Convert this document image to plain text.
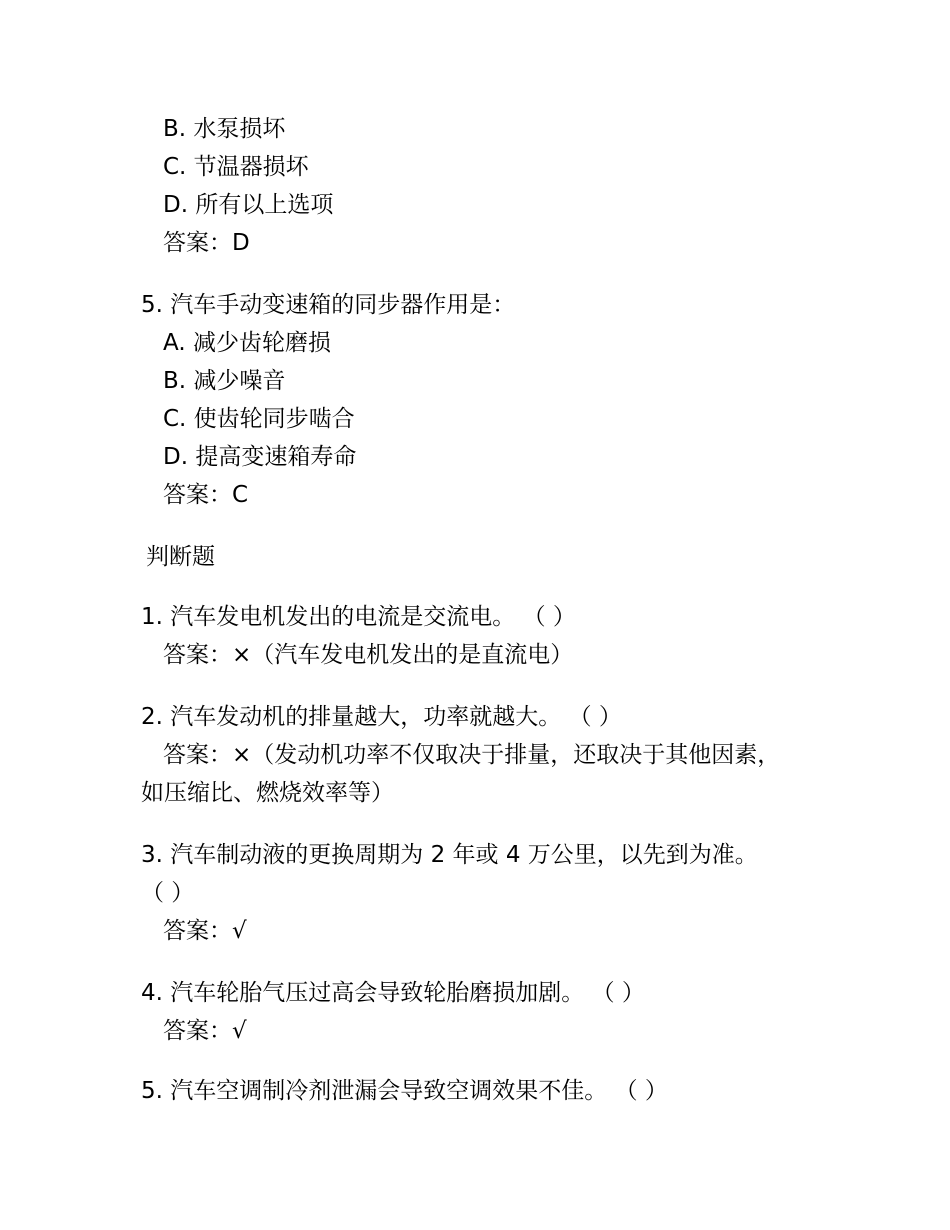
B. 水泵损坏
C. 节温器损坏
D. 所有以上选项
答案：D
5. 汽车手动变速箱的同步器作用是：
A. 减少齿轮磨损
B. 减少噪音
C. 使齿轮同步啮合
D. 提高变速箱寿命
答案：C
判断题
1. 汽车发电机发出的电流是交流电。 （ ）
答案：×（汽车发电机发出的是直流电）
2. 汽车发动机的排量越大，功率就越大。 （ ）
答案：×（发动机功率不仅取决于排量，还取决于其他因素，
如压缩比、燃烧效率等）
3. 汽车制动液的更换周期为 2 年或 4 万公里，以先到为准。
（ ）
答案：√
4. 汽车轮胎气压过高会导致轮胎磨损加剧。 （ ）
答案：√
5. 汽车空调制冷剂泄漏会导致空调效果不佳。 （ ）
